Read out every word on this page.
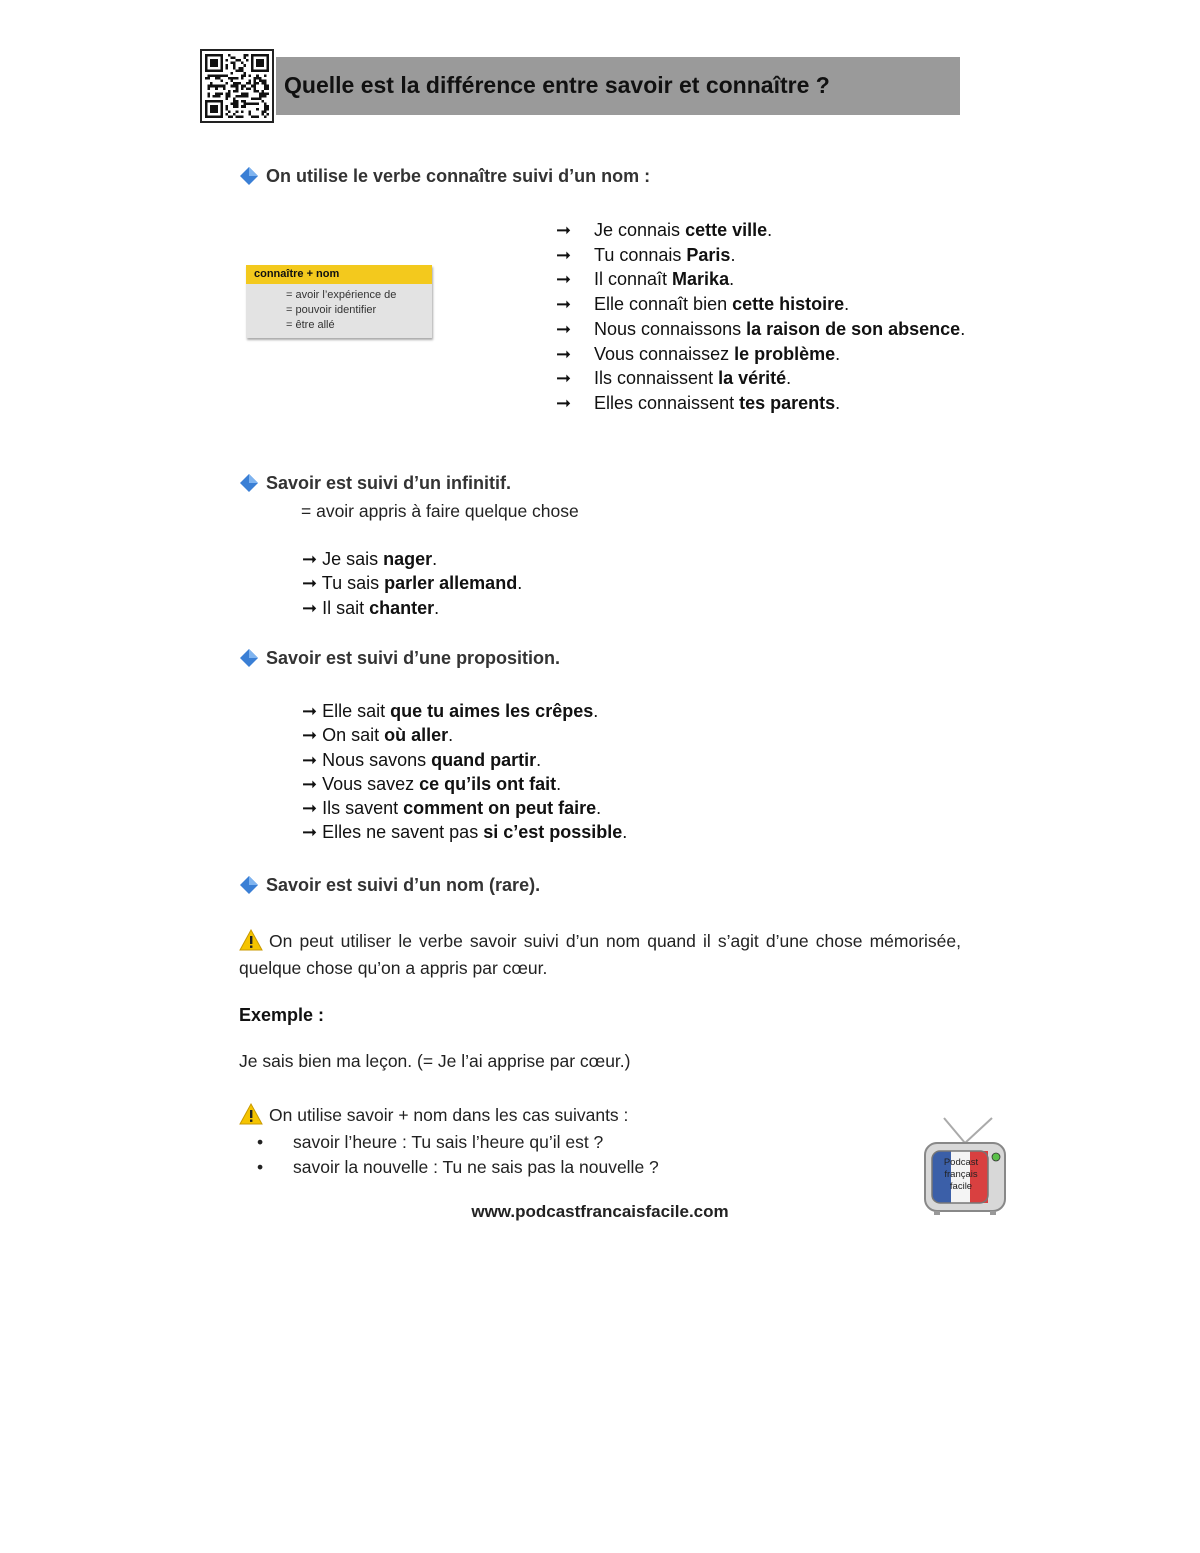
Quelle est la différence entre savoir et connaître ?
On utilise le verbe connaître suivi d’un nom :
connaître + nom
= avoir l’expérience de
= pouvoir identifier
= être allé
➞ Je connais cette ville.
➞ Tu connais Paris.
➞ Il connaît Marika.
➞ Elle connaît bien cette histoire.
➞ Nous connaissons la raison de son absence.
➞ Vous connaissez le problème.
➞ Ils connaissent la vérité.
➞ Elles connaissent tes parents.
Savoir est suivi d’un infinitif.
= avoir appris à faire quelque chose
➞ Je sais nager.
➞ Tu sais parler allemand.
➞ Il sait chanter.
Savoir est suivi d’une proposition.
➞ Elle sait que tu aimes les crêpes.
➞ On sait où aller.
➞ Nous savons quand partir.
➞ Vous savez ce qu’ils ont fait.
➞ Ils savent comment on peut faire.
➞ Elles ne savent pas si c’est possible.
Savoir est suivi d’un nom (rare).
On peut utiliser le verbe savoir suivi d’un nom quand il s’agit d’une chose mémorisée, quelque chose qu’on a appris par cœur.
Exemple :
Je sais bien ma leçon. (= Je l’ai apprise par cœur.)
On utilise savoir + nom dans les cas suivants :
• savoir l’heure : Tu sais l’heure qu’il est ?
• savoir la nouvelle : Tu ne sais pas la nouvelle ?	Podcast
français
facile
www.podcastfrancaisfacile.com
